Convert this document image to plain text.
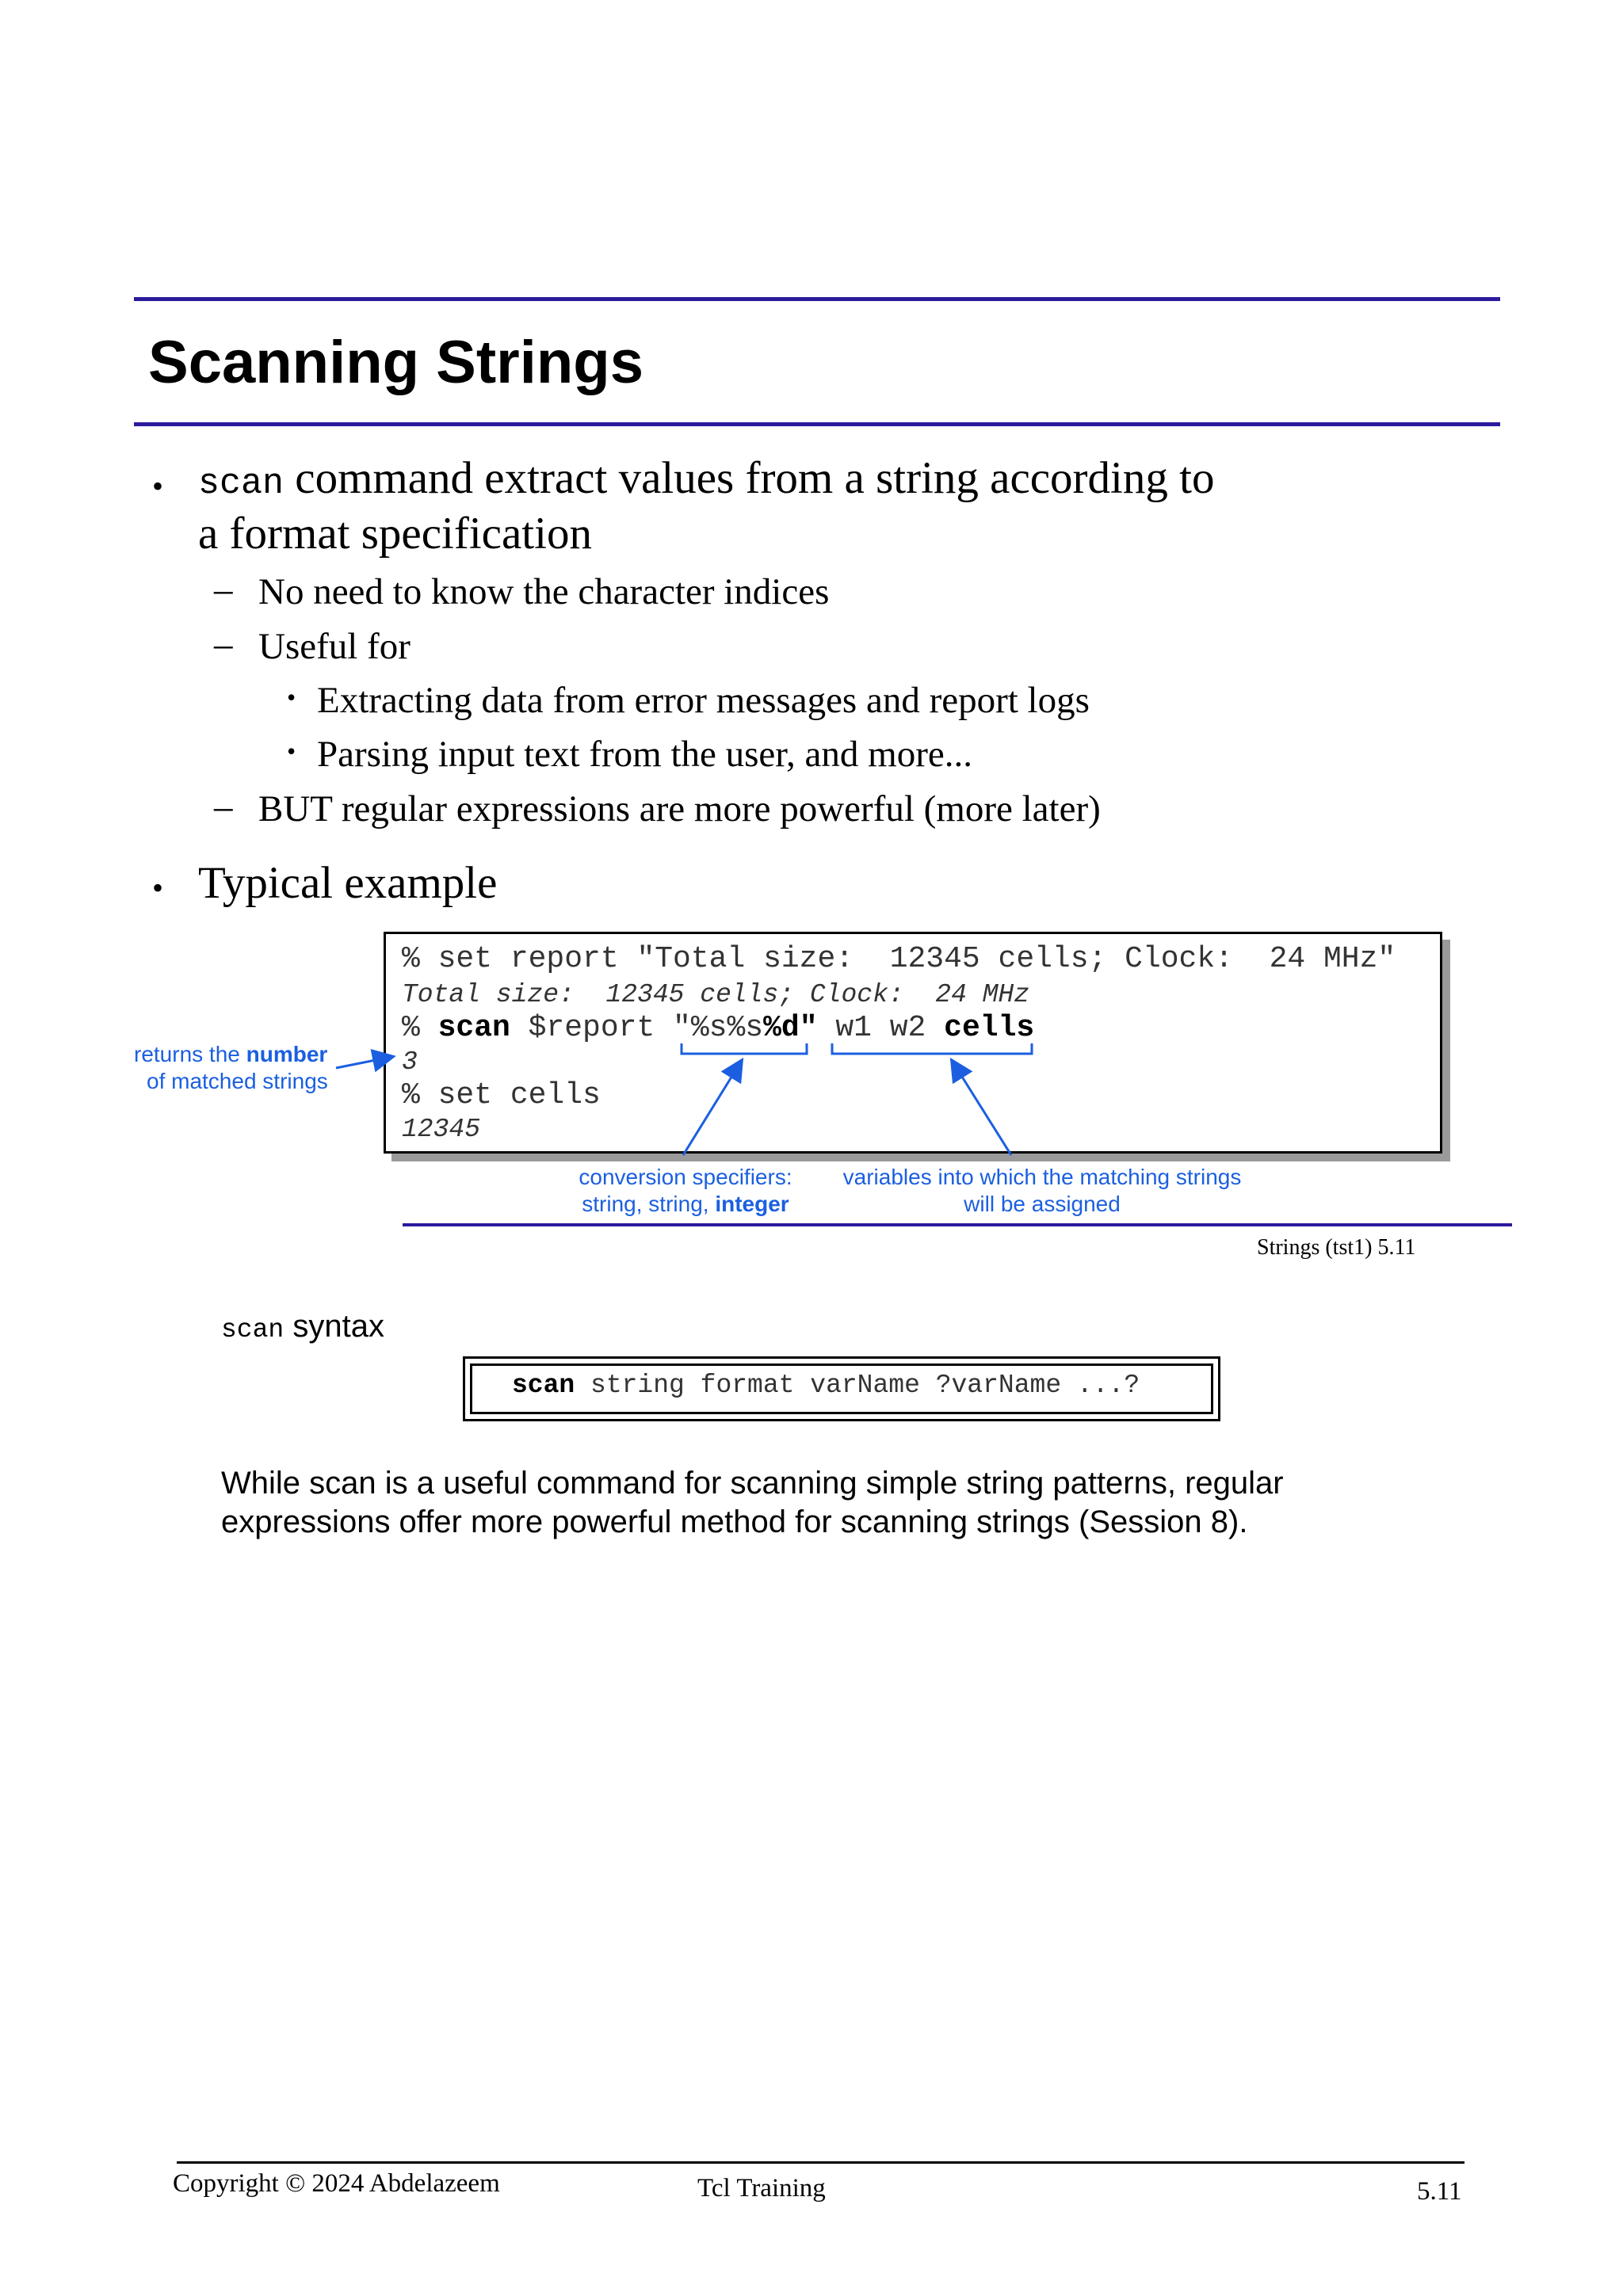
Scanning Strings
• scan command extract values from a string according to
a format specification
– No need to know the character indices
– Useful for
• Extracting data from error messages and report logs
• Parsing input text from the user, and more...
– BUT regular expressions are more powerful (more later)
• Typical example
% set report "Total size:  12345 cells; Clock:  24 MHz"
Total size:  12345 cells; Clock:  24 MHz
% scan $report "%s%s%d" w1 w2 cells
3
% set cells
12345
returns the number
of matched strings
conversion specifiers:
string, string, integer
variables into which the matching strings
will be assigned
Strings (tst1) 5.11
scan syntax
scan string format varName ?varName ...?
While scan is a useful command for scanning simple string patterns, regular expressions offer more powerful method for scanning strings (Session 8).
Copyright © 2024 Abdelazeem	Tcl Training	5.11
